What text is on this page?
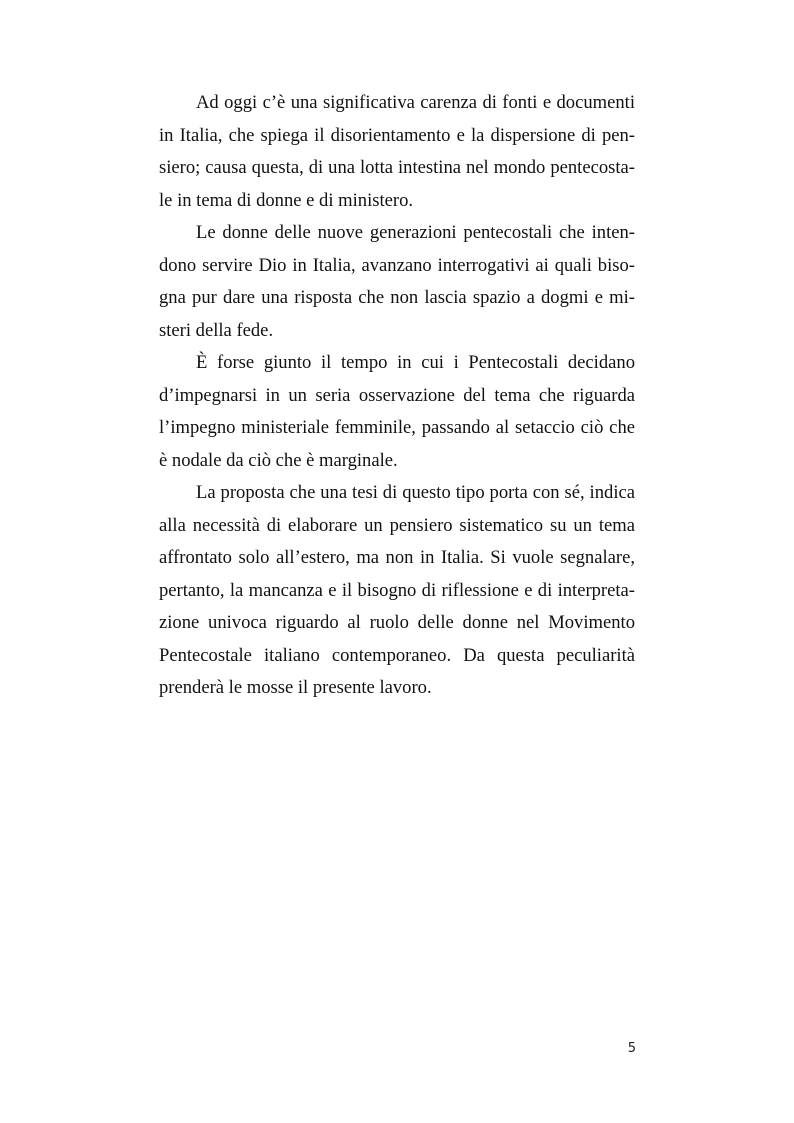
Ad oggi c’è una significativa carenza di fonti e documenti
in Italia, che spiega il disorientamento e la dispersione di pen-
siero; causa questa, di una lotta intestina nel mondo pentecosta-
le in tema di donne e di ministero.
Le donne delle nuove generazioni pentecostali che inten-
dono servire Dio in Italia, avanzano interrogativi ai quali biso-
gna pur dare una risposta che non lascia spazio a dogmi e mi-
steri della fede.
È forse giunto il tempo in cui i Pentecostali decidano
d’impegnarsi in un seria osservazione del tema che riguarda
l’impegno ministeriale femminile, passando al setaccio ciò che
è nodale da ciò che è marginale.
La proposta che una tesi di questo tipo porta con sé, indica
alla necessità di elaborare un pensiero sistematico su un tema
affrontato solo all’estero, ma non in Italia. Si vuole segnalare,
pertanto, la mancanza e il bisogno di riflessione e di interpreta-
zione univoca riguardo al ruolo delle donne nel Movimento
Pentecostale italiano contemporaneo. Da questa peculiarità
prenderà le mosse il presente lavoro.
5
